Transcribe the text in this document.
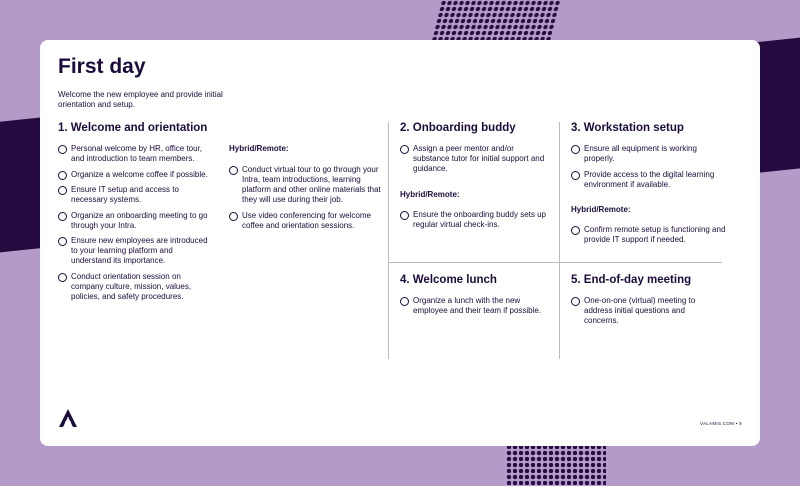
First day

Welcome the new employee and provide initial orientation and setup.

1. Welcome and orientation
Personal welcome by HR, office tour, and introduction to team members.
Organize a welcome coffee if possible.
Ensure IT setup and access to necessary systems.
Organize an onboarding meeting to go through your Intra.
Ensure new employees are introduced to your learning platform and understand its importance.
Conduct orientation session on company culture, mission, values, policies, and safety procedures.
Hybrid/Remote:
Conduct virtual tour to go through your Intra, team introductions, learning platform and other online materials that they will use during their job.
Use video conferencing for welcome coffee and orientation sessions.
2. Onboarding buddy
Assign a peer mentor and/or substance tutor for initial support and guidance.
Hybrid/Remote:
Ensure the onboarding buddy sets up regular virtual check-ins.
3. Workstation setup
Ensure all equipment is working properly.
Provide access to the digital learning environment if available.
Hybrid/Remote:
Confirm remote setup is functioning and provide IT support if needed.
4. Welcome lunch
Organize a lunch with the new employee and their team if possible.
5. End-of-day meeting
One-on-one (virtual) meeting to address initial questions and concerns.
VALAMIS.COM • 9
